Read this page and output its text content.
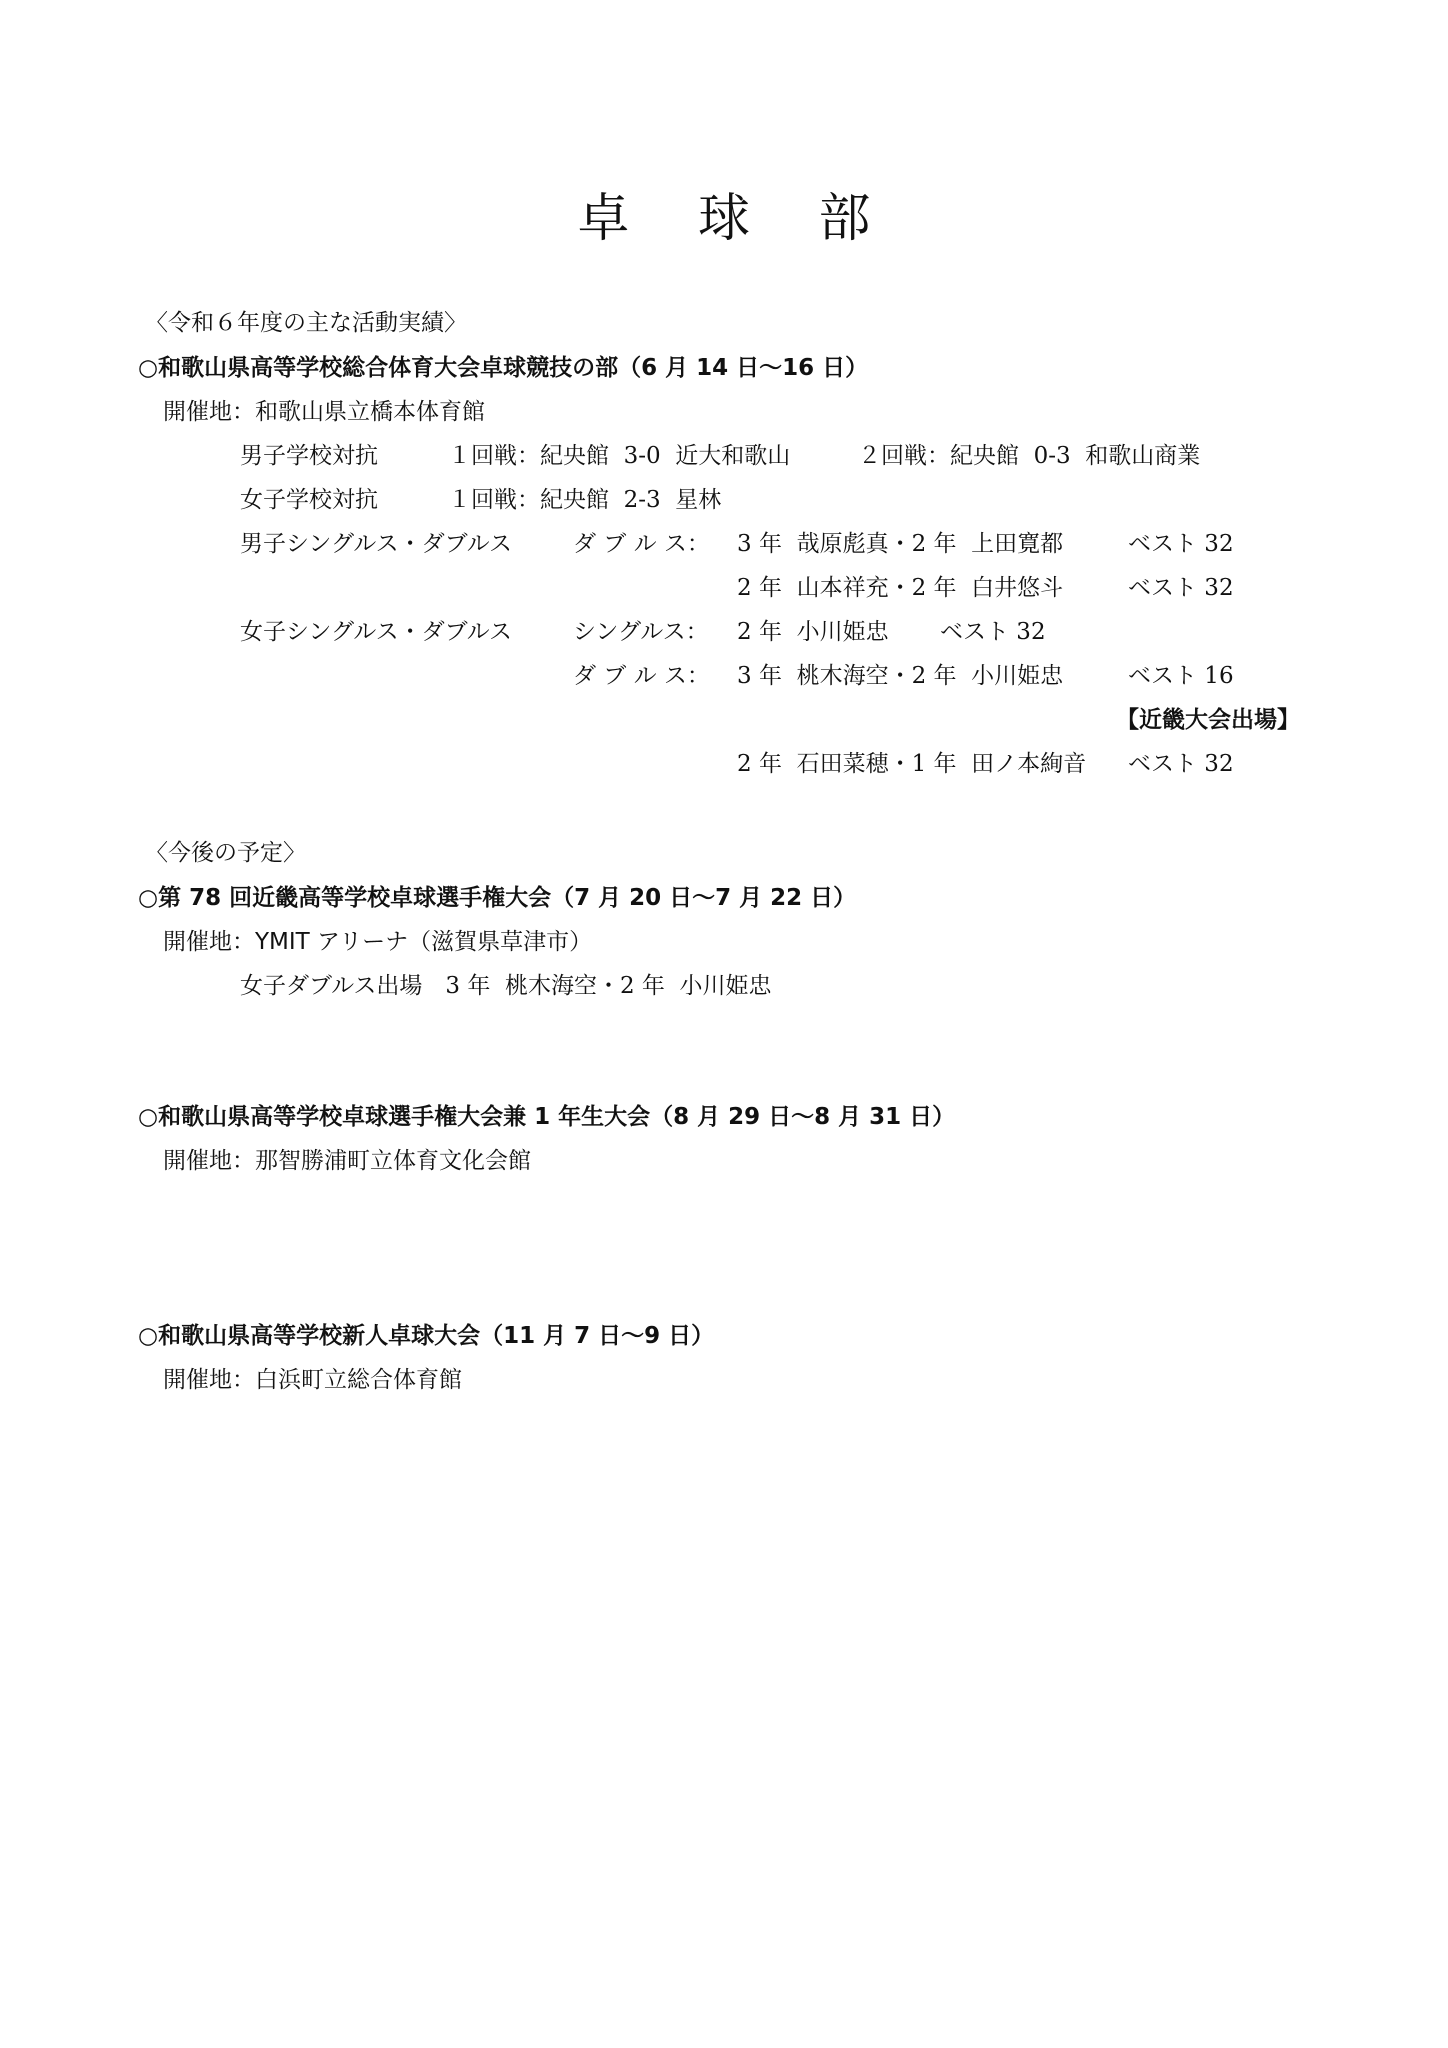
卓 球 部
〈令和６年度の主な活動実績〉
○和歌山県高等学校総合体育大会卓球競技の部（6 月 14 日～16 日）
開催地：和歌山県立橋本体育館
男子学校対抗	１回戦：紀央館  3-0  近大和歌山	２回戦：紀央館  0-3  和歌山商業
女子学校対抗	１回戦：紀央館  2-3  星林
男子シングルス・ダブルス	ダ ブ ル ス： 3 年  哉原彪真・2 年  上田寛都	ベスト 32
2 年  山本祥充・2 年  白井悠斗	ベスト 32
女子シングルス・ダブルス	シングルス： 2 年  小川姫忠 ベスト 32
ダ ブ ル ス： 3 年  桃木海空・2 年  小川姫忠	ベスト 16
【近畿大会出場】
2 年  石田菜穂・1 年  田ノ本絢音 ベスト 32
〈今後の予定〉
○第 78 回近畿高等学校卓球選手権大会（7 月 20 日～7 月 22 日）
開催地：YMIT アリーナ（滋賀県草津市）
女子ダブルス出場　3 年  桃木海空・2 年  小川姫忠
○和歌山県高等学校卓球選手権大会兼 1 年生大会（8 月 29 日～8 月 31 日）
開催地：那智勝浦町立体育文化会館
○和歌山県高等学校新人卓球大会（11 月 7 日～9 日）
開催地：白浜町立総合体育館
